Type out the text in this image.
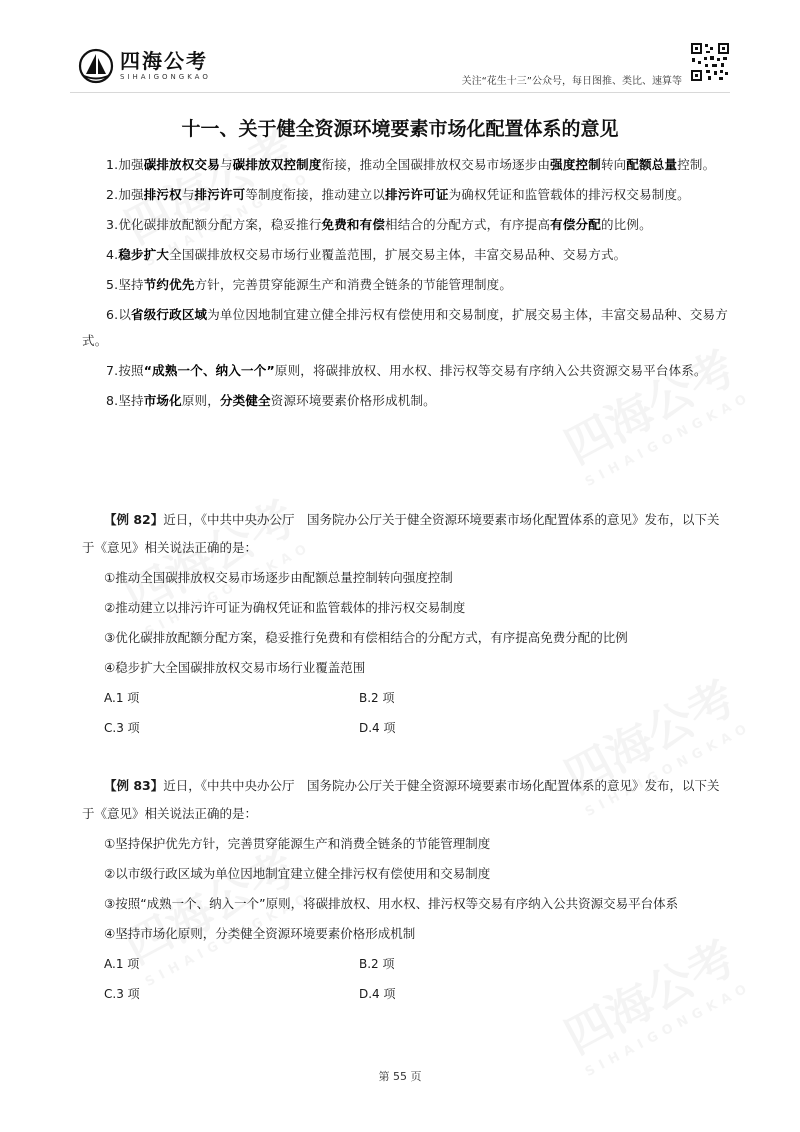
四海公考
SIHAIGONGKAO	关注“花生十三”公众号，每日图推、类比、速算等
十一、关于健全资源环境要素市场化配置体系的意见

1.加强碳排放权交易与碳排放双控制度衔接，推动全国碳排放权交易市场逐步由强度控制转向配额总量控制。

2.加强排污权与排污许可等制度衔接，推动建立以排污许可证为确权凭证和监管载体的排污权交易制度。

3.优化碳排放配额分配方案，稳妥推行免费和有偿相结合的分配方式，有序提高有偿分配的比例。

4.稳步扩大全国碳排放权交易市场行业覆盖范围，扩展交易主体，丰富交易品种、交易方式。

5.坚持节约优先方针，完善贯穿能源生产和消费全链条的节能管理制度。

6.以省级行政区域为单位因地制宜建立健全排污权有偿使用和交易制度，扩展交易主体，丰富交易品种、交易方式。

7.按照“成熟一个、纳入一个”原则，将碳排放权、用水权、排污权等交易有序纳入公共资源交易平台体系。

8.坚持市场化原则，分类健全资源环境要素价格形成机制。

【例 82】近日，《中共中央办公厅　国务院办公厅关于健全资源环境要素市场化配置体系的意见》发布，以下关于《意见》相关说法正确的是：

①推动全国碳排放权交易市场逐步由配额总量控制转向强度控制

②推动建立以排污许可证为确权凭证和监管载体的排污权交易制度

③优化碳排放配额分配方案，稳妥推行免费和有偿相结合的分配方式，有序提高免费分配的比例

④稳步扩大全国碳排放权交易市场行业覆盖范围

A.1 项	B.2 项
C.3 项	D.4 项

【例 83】近日，《中共中央办公厅　国务院办公厅关于健全资源环境要素市场化配置体系的意见》发布，以下关于《意见》相关说法正确的是：

①坚持保护优先方针，完善贯穿能源生产和消费全链条的节能管理制度

②以市级行政区域为单位因地制宜建立健全排污权有偿使用和交易制度

③按照“成熟一个、纳入一个”原则，将碳排放权、用水权、排污权等交易有序纳入公共资源交易平台体系

④坚持市场化原则，分类健全资源环境要素价格形成机制

A.1 项	B.2 项
C.3 项	D.4 项
第 55 页
